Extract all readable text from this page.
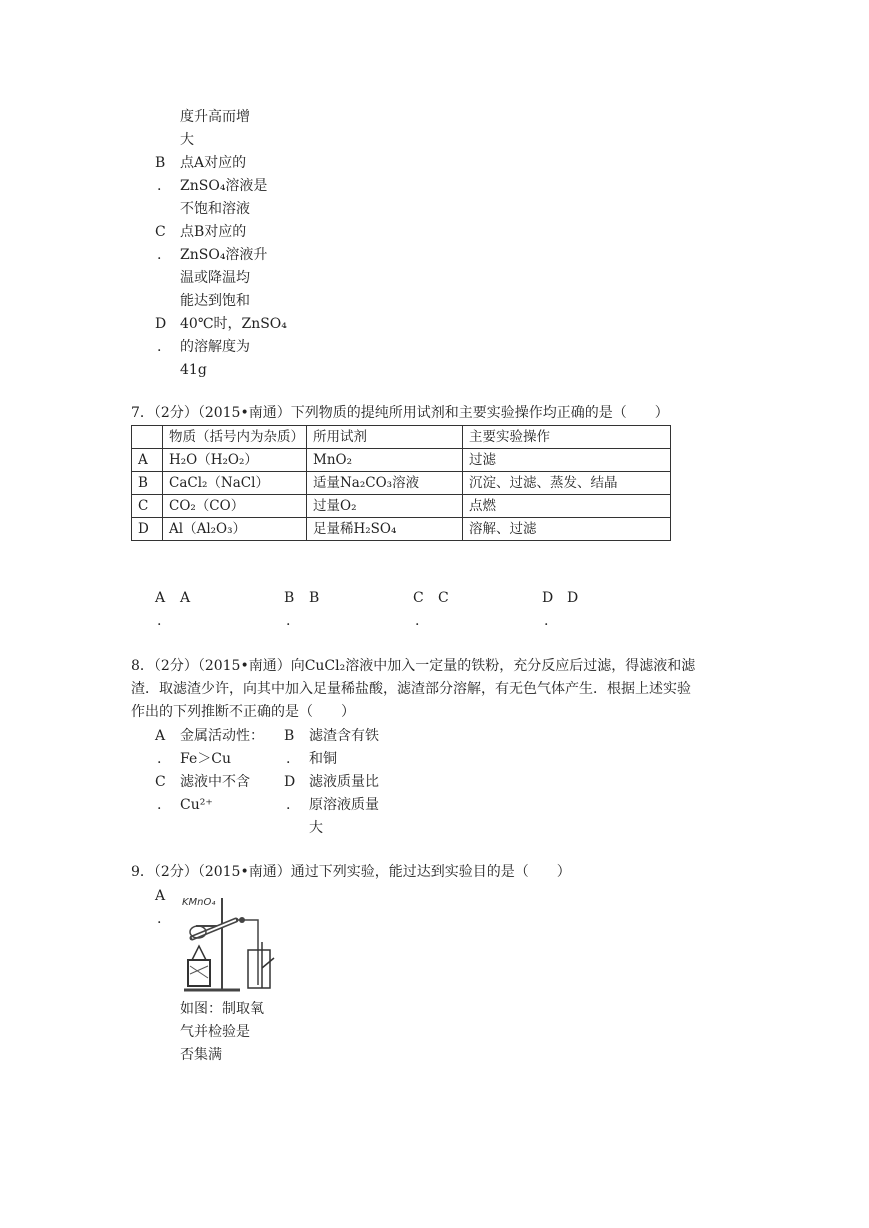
度升高而增
大
B
.
点A对应的
ZnSO₄溶液是
不饱和溶液
C
.
点B对应的
ZnSO₄溶液升
温或降温均
能达到饱和
D
.
40℃时，ZnSO₄
的溶解度为
41g
7．（2分）（2015•南通）下列物质的提纯所用试剂和主要实验操作均正确的是（　　）
	物质（括号内为杂质）	所用试剂	主要实验操作
A	H₂O（H₂O₂）	MnO₂	过滤
B	CaCl₂（NaCl）	适量Na₂CO₃溶液	沉淀、过滤、蒸发、结晶
C	CO₂（CO）	过量O₂	点燃
D	Al（Al₂O₃）	足量稀H₂SO₄	溶解、过滤
A A
.
B B
.
C C
.
D D
.
8．（2分）（2015•南通）向CuCl₂溶液中加入一定量的铁粉，充分反应后过滤，得滤液和滤
渣．取滤渣少许，向其中加入足量稀盐酸，滤渣部分溶解，有无色气体产生．根据上述实验
作出的下列推断不正确的是（　　）
A
.
金属活动性：
Fe＞Cu
B
.
滤渣含有铁
和铜
C
.
滤液中不含
Cu²⁺
D
.
滤液质量比
原溶液质量
大
9．（2分）（2015•南通）通过下列实验，能过达到实验目的是（　　）
A
.
KMnO₄
如图：制取氧
气并检验是
否集满
